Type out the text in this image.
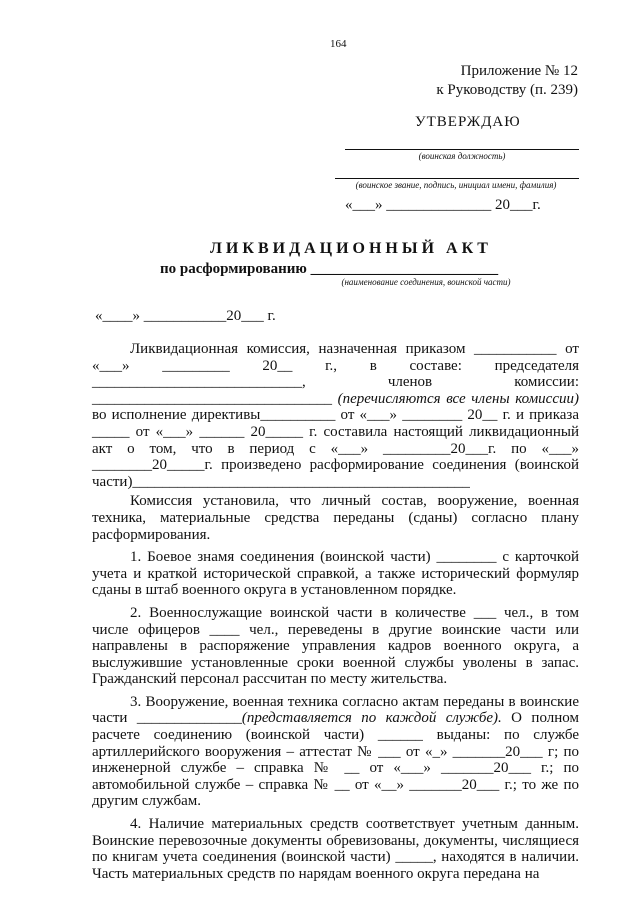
164
Приложение № 12
к Руководству (п. 239)
УТВЕРЖДАЮ
(воинская должность)
(воинское звание, подпись, инициал имени, фамилия)
«___» ______________ 20___г.
ЛИКВИДАЦИОННЫЙ АКТ
по расформированию _________________________
(наименование соединения, воинской части)
«____» ___________20___ г.

Ликвидационная комиссия, назначенная приказом ___________ от «___» _________ 20__ г., в составе: председателя ____________________________, членов комиссии: ________________________________ (перечисляются все члены комиссии) во исполнение директивы__________ от «___» ________ 20__ г. и приказа _____ от «___» ______ 20_____ г. составила настоящий ликвидационный акт о том, что в период с «___» _________20___г. по «___» ________20_____г. произведено расформирование соединения (воинской части)_____________________________________________

Комиссия установила, что личный состав, вооружение, военная техника, материальные средства переданы (сданы) согласно плану расформирования.

1. Боевое знамя соединения (воинской части) ________ с карточкой учета и краткой исторической справкой, а также исторический формуляр сданы в штаб военного округа в установленном порядке.

2. Военнослужащие воинской части в количестве ___ чел., в том числе офицеров ____ чел., переведены в другие воинские части или направлены в распоряжение управления кадров военного округа, а выслужившие установленные сроки военной службы уволены в запас. Гражданский персонал рассчитан по месту жительства.

3. Вооружение, военная техника согласно актам переданы в воинские части ______________(представляется по каждой службе). О полном расчете соединению (воинской части) ______ выданы: по службе артиллерийского вооружения – аттестат № ___ от «_» _______20___ г; по инженерной службе – справка № __ от «___» _______20___ г.; по автомобильной службе – справка № __ от «__» _______20___ г.; то же по другим службам.

4. Наличие материальных средств соответствует учетным данным. Воинские перевозочные документы обревизованы, документы, числящиеся по книгам учета соединения (воинской части) _____, находятся в наличии. Часть материальных средств по нарядам военного округа передана на
